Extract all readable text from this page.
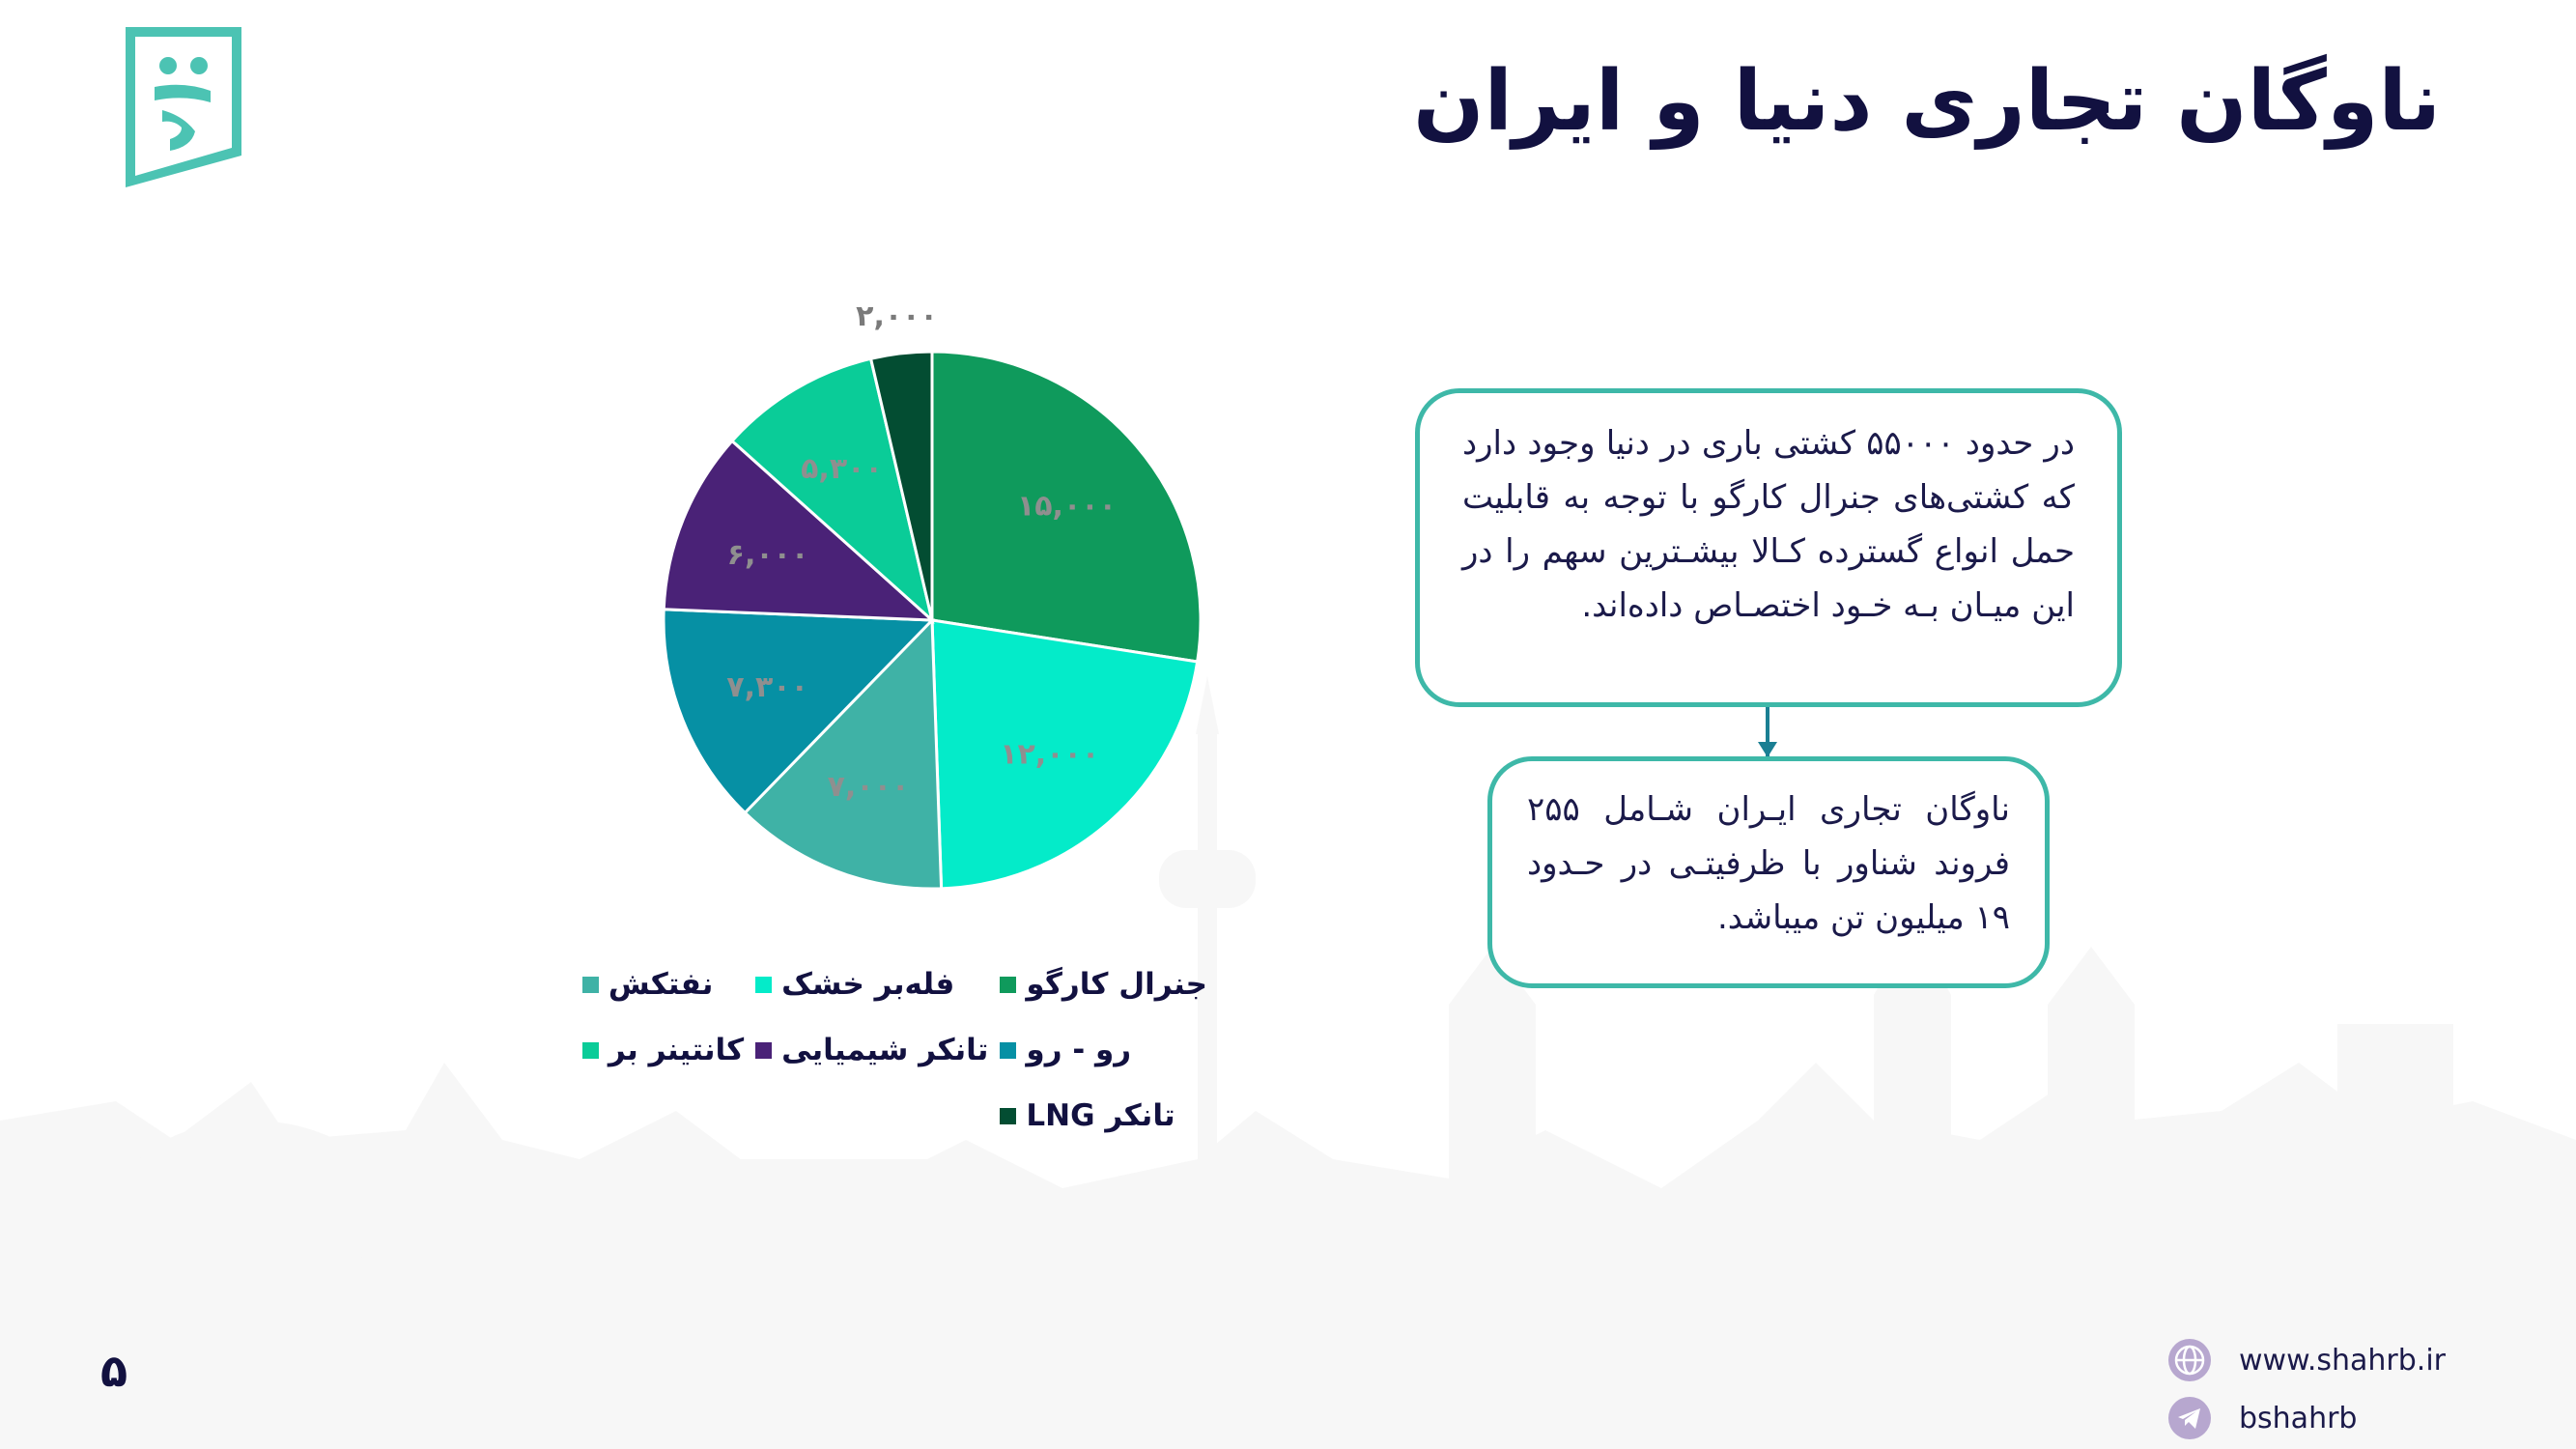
ناوگان تجاری دنیا و ایران
۱۵,۰۰۰
۱۲,۰۰۰
۷,۰۰۰
۷,۳۰۰
۶,۰۰۰
۵,۳۰۰
۲,۰۰۰
جنرال کارگو
فله‌بر خشک
نفتکش
رو - رو
تانکر شیمیایی
کانتینر بر
تانکر LNG
در حدود ۵۵۰۰۰ کشتی باری در دنیا وجود دارد که کشتی‌های جنرال کارگو با توجه به قابلیت حمل انواع گسترده کـالا بیشـترین سهم را در این میـان بـه خـود اختصـاص داده‌اند.
ناوگان تجاری ایـران شـامل ۲۵۵ فروند شناور با ظرفیتـی در حـدود ۱۹ میلیون تن میباشد.
۵	www.shahrb.ir
bshahrb
